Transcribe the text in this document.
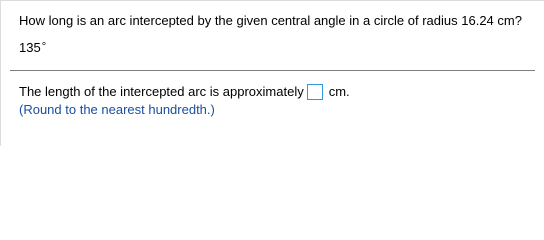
How long is an arc intercepted by the given central angle in a circle of radius 16.24 cm?
135°
The length of the intercepted arc is approximately cm.
(Round to the nearest hundredth.)
